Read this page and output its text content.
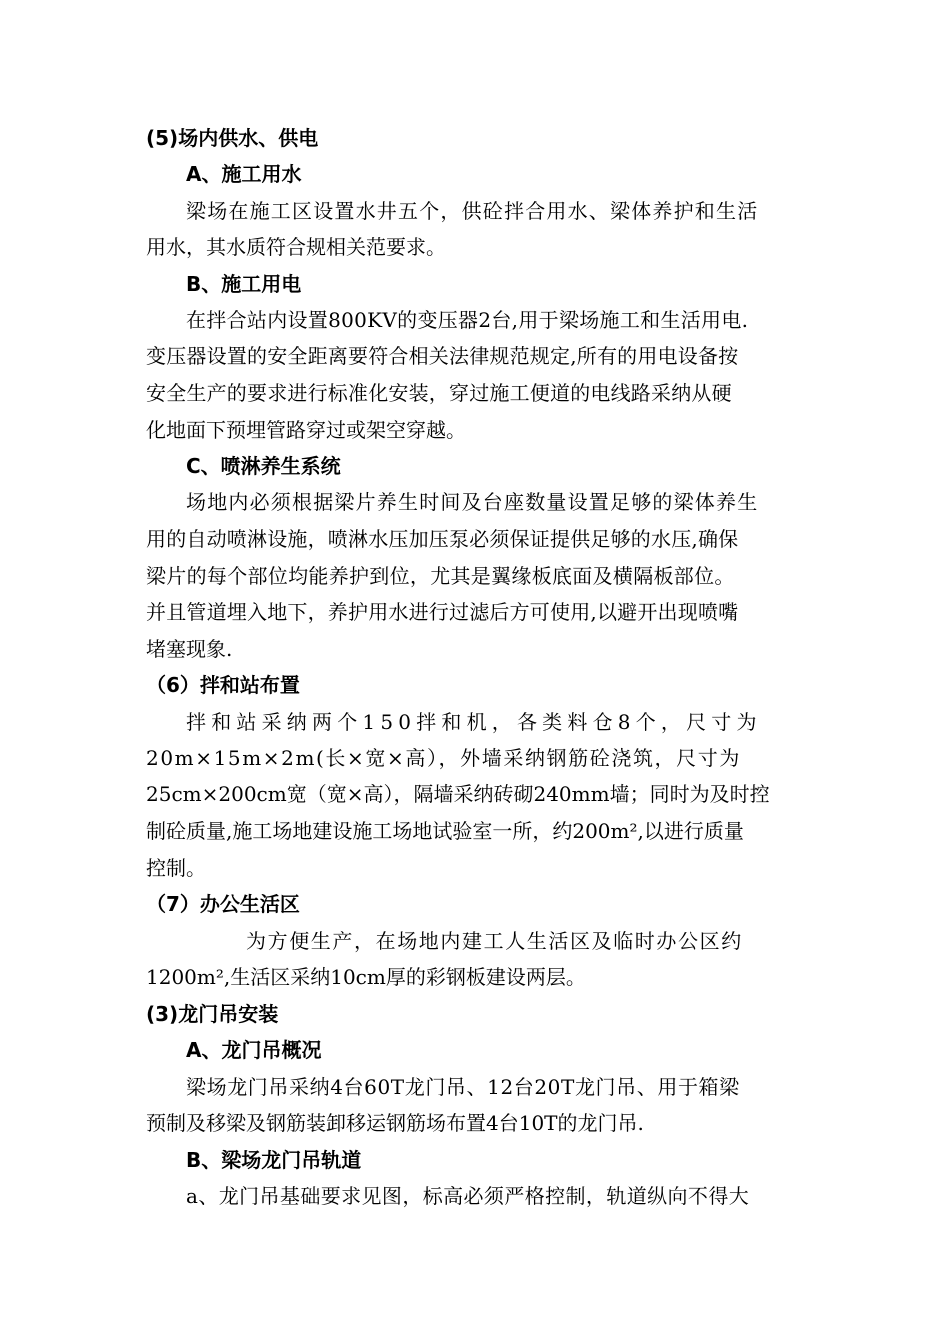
(5)场内供水、供电
A、施工用水
梁场在施工区设置水井五个，供砼拌合用水、梁体养护和生活
用水，其水质符合规相关范要求。
B、施工用电
在拌合站内设置800KV的变压器2台,用于梁场施工和生活用电.
变压器设置的安全距离要符合相关法律规范规定,所有的用电设备按
安全生产的要求进行标准化安装，穿过施工便道的电线路采纳从硬
化地面下预埋管路穿过或架空穿越。
C、喷淋养生系统
场地内必须根据梁片养生时间及台座数量设置足够的梁体养生
用的自动喷淋设施，喷淋水压加压泵必须保证提供足够的水压,确保
梁片的每个部位均能养护到位，尤其是翼缘板底面及横隔板部位。
并且管道埋入地下，养护用水进行过滤后方可使用,以避开出现喷嘴
堵塞现象.
（6）拌和站布置
拌和站采纳两个150拌和机，各类料仓8个，尺寸为
20m×15m×2m(长×宽×高），外墙采纳钢筋砼浇筑，尺寸为
25cm×200cm宽（宽×高），隔墙采纳砖砌240mm墙；同时为及时控
制砼质量,施工场地建设施工场地试验室一所，约200m²,以进行质量
控制。
（7）办公生活区
为方便生产，在场地内建工人生活区及临时办公区约
1200m²,生活区采纳10cm厚的彩钢板建设两层。
(3)龙门吊安装
A、龙门吊概况
梁场龙门吊采纳4台60T龙门吊、12台20T龙门吊、用于箱梁
预制及移梁及钢筋装卸移运钢筋场布置4台10T的龙门吊.
B、梁场龙门吊轨道
a、龙门吊基础要求见图，标高必须严格控制，轨道纵向不得大
